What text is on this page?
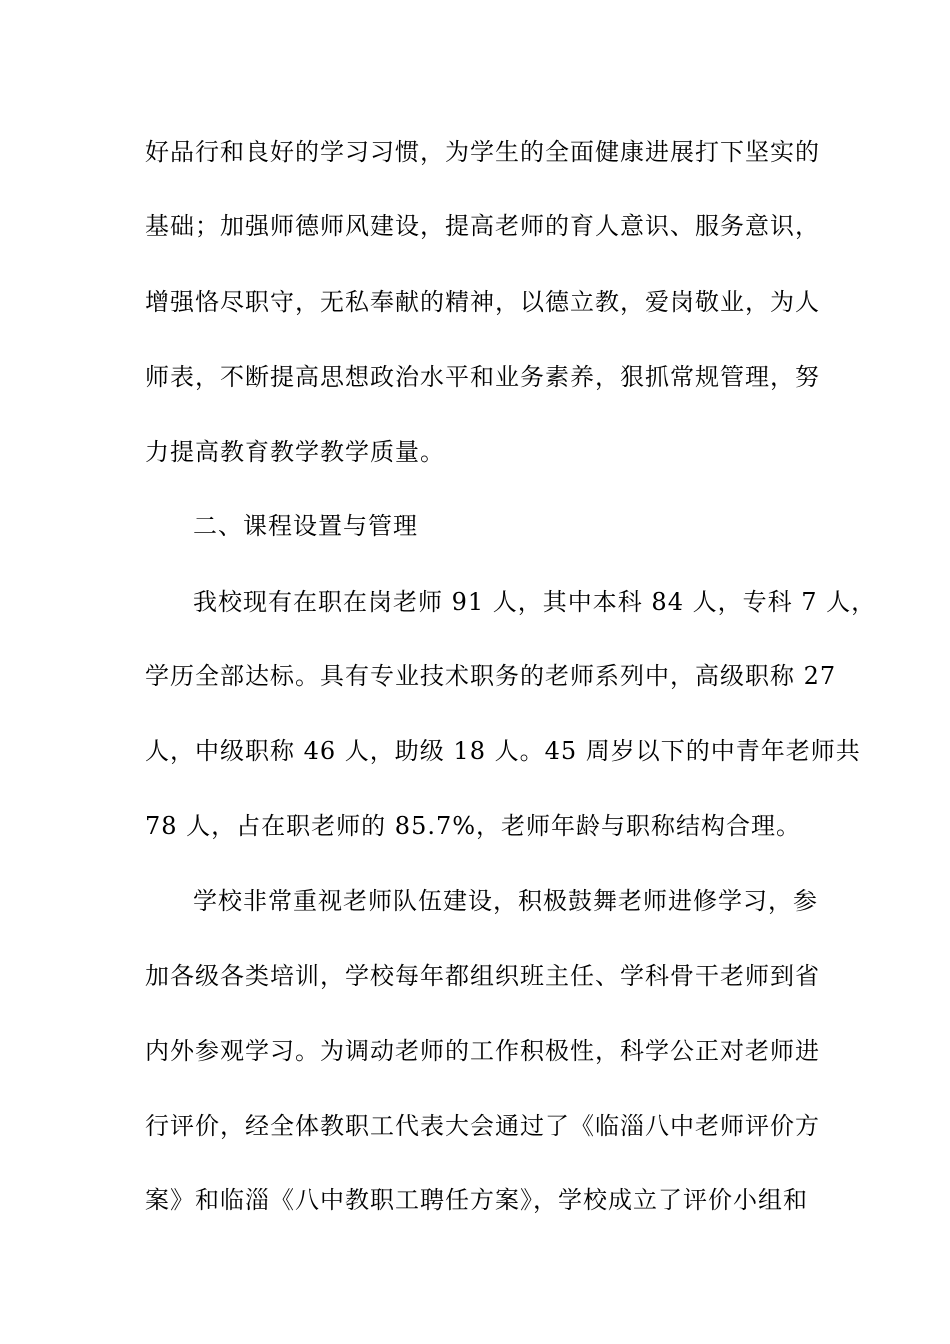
好品行和良好的学习习惯，为学生的全面健康进展打下坚实的
基础；加强师德师风建设，提高老师的育人意识、服务意识，
增强恪尽职守，无私奉献的精神，以德立教，爱岗敬业，为人
师表，不断提高思想政治水平和业务素养，狠抓常规管理，努
力提高教育教学教学质量。
二、课程设置与管理
我校现有在职在岗老师 91 人，其中本科 84 人，专科 7 人，
学历全部达标。具有专业技术职务的老师系列中，高级职称 27
人，中级职称 46 人，助级 18 人。45 周岁以下的中青年老师共
78 人，占在职老师的 85.7%，老师年龄与职称结构合理。
学校非常重视老师队伍建设，积极鼓舞老师进修学习，参
加各级各类培训，学校每年都组织班主任、学科骨干老师到省
内外参观学习。为调动老师的工作积极性，科学公正对老师进
行评价，经全体教职工代表大会通过了《临淄八中老师评价方
案》和临淄《八中教职工聘任方案》，学校成立了评价小组和
